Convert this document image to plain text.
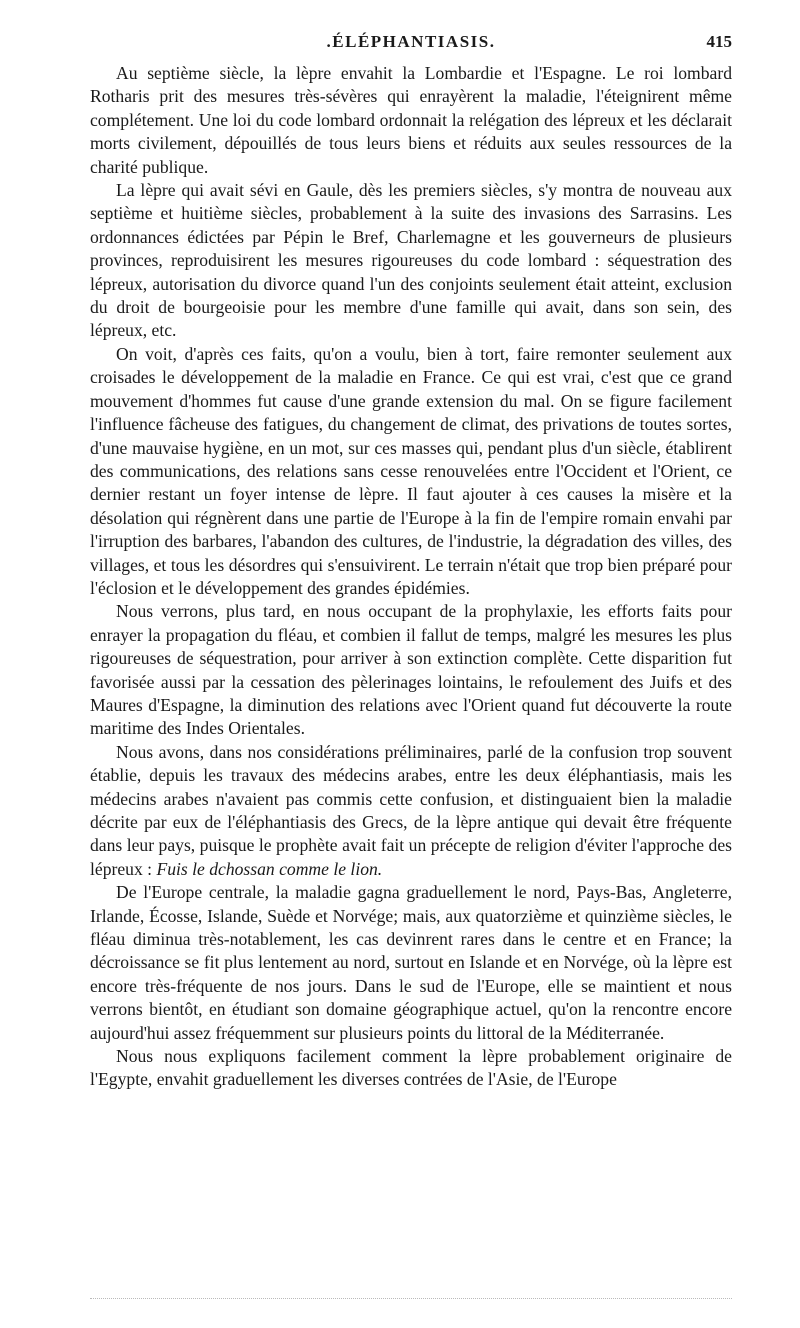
.ÉLÉPHANTIASIS.	415

Au septième siècle, la lèpre envahit la Lombardie et l'Espagne. Le roi lombard Rotharis prit des mesures très-sévères qui enrayèrent la maladie, l'éteignirent même complétement. Une loi du code lombard ordonnait la relégation des lépreux et les déclarait morts civilement, dépouillés de tous leurs biens et réduits aux seules ressources de la charité publique.

La lèpre qui avait sévi en Gaule, dès les premiers siècles, s'y montra de nouveau aux septième et huitième siècles, probablement à la suite des invasions des Sarrasins. Les ordonnances édictées par Pépin le Bref, Charlemagne et les gouverneurs de plusieurs provinces, reproduisirent les mesures rigoureuses du code lombard : séquestration des lépreux, autorisation du divorce quand l'un des conjoints seulement était atteint, exclusion du droit de bourgeoisie pour les membre d'une famille qui avait, dans son sein, des lépreux, etc.

On voit, d'après ces faits, qu'on a voulu, bien à tort, faire remonter seulement aux croisades le développement de la maladie en France. Ce qui est vrai, c'est que ce grand mouvement d'hommes fut cause d'une grande extension du mal. On se figure facilement l'influence fâcheuse des fatigues, du changement de climat, des privations de toutes sortes, d'une mauvaise hygiène, en un mot, sur ces masses qui, pendant plus d'un siècle, établirent des communications, des relations sans cesse renouvelées entre l'Occident et l'Orient, ce dernier restant un foyer intense de lèpre. Il faut ajouter à ces causes la misère et la désolation qui régnèrent dans une partie de l'Europe à la fin de l'empire romain envahi par l'irruption des barbares, l'abandon des cultures, de l'industrie, la dégradation des villes, des villages, et tous les désordres qui s'ensuivirent. Le terrain n'était que trop bien préparé pour l'éclosion et le développement des grandes épidémies.

Nous verrons, plus tard, en nous occupant de la prophylaxie, les efforts faits pour enrayer la propagation du fléau, et combien il fallut de temps, malgré les mesures les plus rigoureuses de séquestration, pour arriver à son extinction complète. Cette disparition fut favorisée aussi par la cessation des pèlerinages lointains, le refoulement des Juifs et des Maures d'Espagne, la diminution des relations avec l'Orient quand fut découverte la route maritime des Indes Orientales.

Nous avons, dans nos considérations préliminaires, parlé de la confusion trop souvent établie, depuis les travaux des médecins arabes, entre les deux éléphantiasis, mais les médecins arabes n'avaient pas commis cette confusion, et distinguaient bien la maladie décrite par eux de l'éléphantiasis des Grecs, de la lèpre antique qui devait être fréquente dans leur pays, puisque le prophète avait fait un précepte de religion d'éviter l'approche des lépreux : Fuis le dchossan comme le lion.

De l'Europe centrale, la maladie gagna graduellement le nord, Pays-Bas, Angleterre, Irlande, Écosse, Islande, Suède et Norvége; mais, aux quatorzième et quinzième siècles, le fléau diminua très-notablement, les cas devinrent rares dans le centre et en France; la décroissance se fit plus lentement au nord, surtout en Islande et en Norvége, où la lèpre est encore très-fréquente de nos jours. Dans le sud de l'Europe, elle se maintient et nous verrons bientôt, en étudiant son domaine géographique actuel, qu'on la rencontre encore aujourd'hui assez fréquemment sur plusieurs points du littoral de la Méditerranée.

Nous nous expliquons facilement comment la lèpre probablement originaire de l'Egypte, envahit graduellement les diverses contrées de l'Asie, de l'Europe
